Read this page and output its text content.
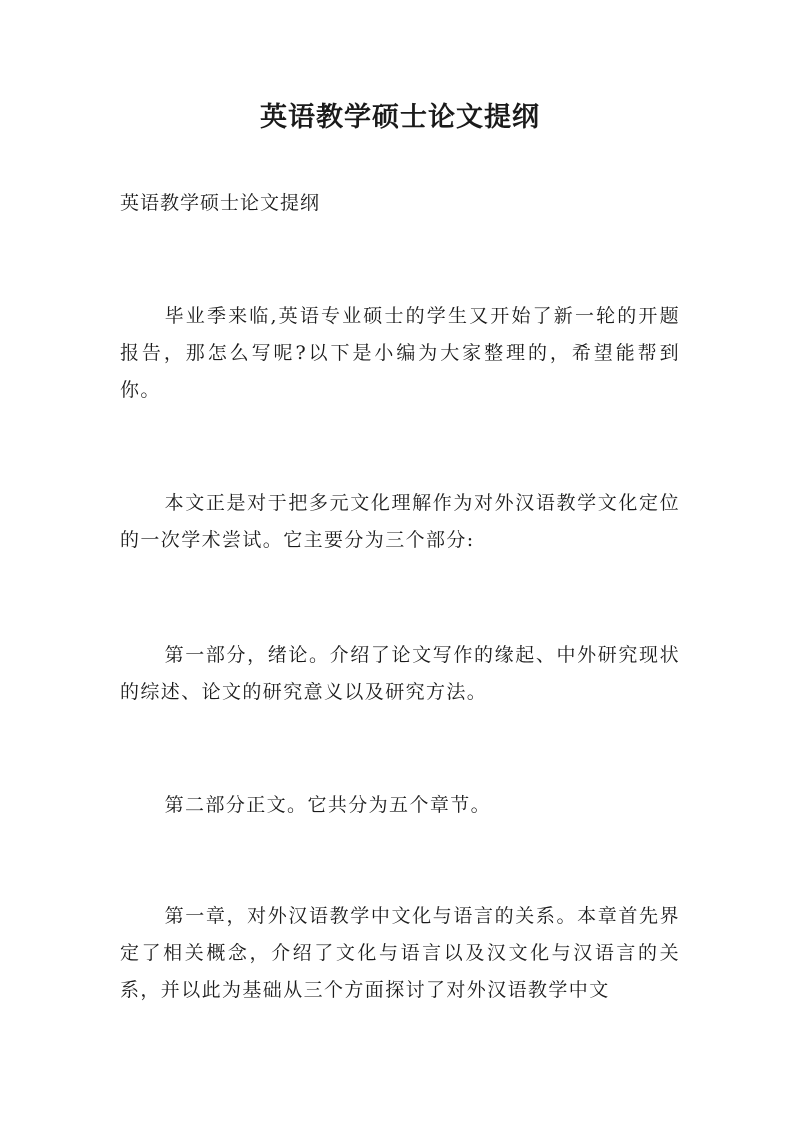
英语教学硕士论文提纲
英语教学硕士论文提纲

毕业季来临,英语专业硕士的学生又开始了新一轮的开题报告，那怎么写呢?以下是小编为大家整理的，希望能帮到你。

本文正是对于把多元文化理解作为对外汉语教学文化定位的一次学术尝试。它主要分为三个部分:

第一部分，绪论。介绍了论文写作的缘起、中外研究现状的综述、论文的研究意义以及研究方法。

第二部分正文。它共分为五个章节。

第一章，对外汉语教学中文化与语言的关系。本章首先界定了相关概念，介绍了文化与语言以及汉文化与汉语言的关系，并以此为基础从三个方面探讨了对外汉语教学中文
